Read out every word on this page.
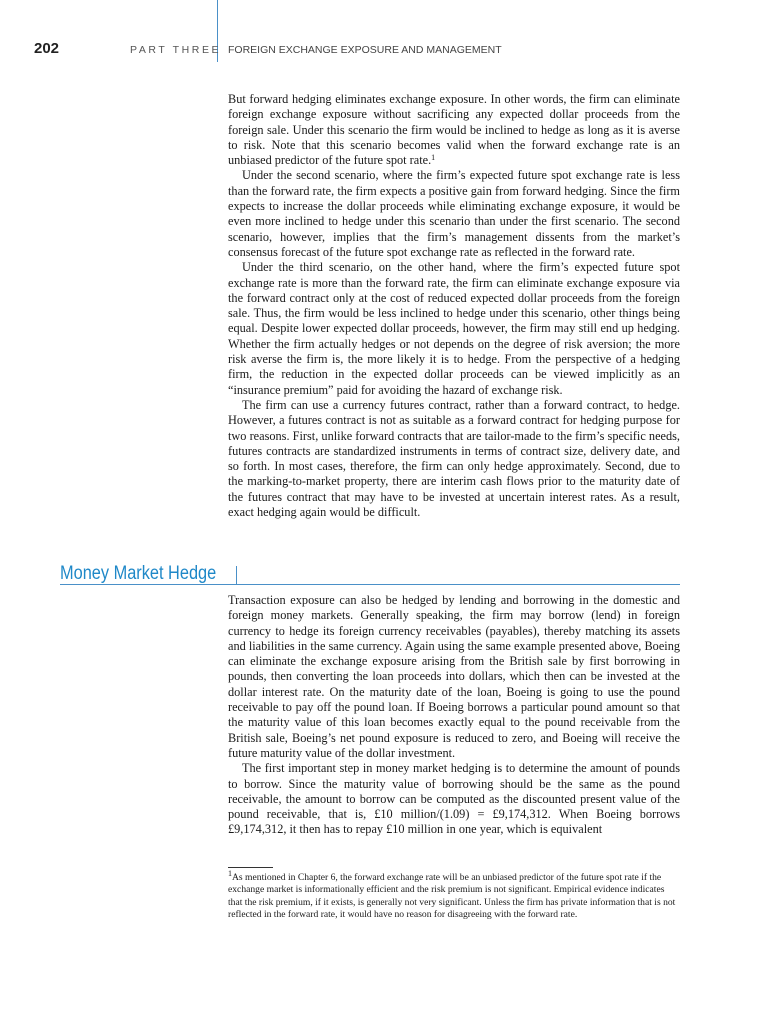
202	PART THREE FOREIGN EXCHANGE EXPOSURE AND MANAGEMENT

But forward hedging eliminates exchange exposure. In other words, the firm can eliminate foreign exchange exposure without sacrificing any expected dollar proceeds from the foreign sale. Under this scenario the firm would be inclined to hedge as long as it is averse to risk. Note that this scenario becomes valid when the forward exchange rate is an unbiased predictor of the future spot rate.$^1$

Under the second scenario, where the firm’s expected future spot exchange rate is less than the forward rate, the firm expects a positive gain from forward hedging. Since the firm expects to increase the dollar proceeds while eliminating exchange exposure, it would be even more inclined to hedge under this scenario than under the first scenario. The second scenario, however, implies that the firm’s management dissents from the market’s consensus forecast of the future spot exchange rate as reflected in the forward rate.

Under the third scenario, on the other hand, where the firm’s expected future spot exchange rate is more than the forward rate, the firm can eliminate exchange exposure via the forward contract only at the cost of reduced expected dollar proceeds from the foreign sale. Thus, the firm would be less inclined to hedge under this scenario, other things being equal. Despite lower expected dollar proceeds, however, the firm may still end up hedging. Whether the firm actually hedges or not depends on the degree of risk aversion; the more risk averse the firm is, the more likely it is to hedge. From the perspective of a hedging firm, the reduction in the expected dollar proceeds can be viewed implicitly as an “insurance premium” paid for avoiding the hazard of exchange risk.

The firm can use a currency futures contract, rather than a forward contract, to hedge. However, a futures contract is not as suitable as a forward contract for hedging purpose for two reasons. First, unlike forward contracts that are tailor-made to the firm’s specific needs, futures contracts are standardized instruments in terms of contract size, delivery date, and so forth. In most cases, therefore, the firm can only hedge approximately. Second, due to the marking-to-market property, there are interim cash flows prior to the maturity date of the futures contract that may have to be invested at uncertain interest rates. As a result, exact hedging again would be difficult.

Money Market Hedge

Transaction exposure can also be hedged by lending and borrowing in the domestic and foreign money markets. Generally speaking, the firm may borrow (lend) in foreign currency to hedge its foreign currency receivables (payables), thereby matching its assets and liabilities in the same currency. Again using the same example presented above, Boeing can eliminate the exchange exposure arising from the British sale by first borrowing in pounds, then converting the loan proceeds into dollars, which then can be invested at the dollar interest rate. On the maturity date of the loan, Boeing is going to use the pound receivable to pay off the pound loan. If Boeing borrows a particular pound amount so that the maturity value of this loan becomes exactly equal to the pound receivable from the British sale, Boeing’s net pound exposure is reduced to zero, and Boeing will receive the future maturity value of the dollar investment.

The first important step in money market hedging is to determine the amount of pounds to borrow. Since the maturity value of borrowing should be the same as the pound receivable, the amount to borrow can be computed as the discounted present value of the pound receivable, that is, £10 million/(1.09) = £9,174,312. When Boeing borrows £9,174,312, it then has to repay £10 million in one year, which is equivalent

$^1$As mentioned in Chapter 6, the forward exchange rate will be an unbiased predictor of the future spot rate if the exchange market is informationally efficient and the risk premium is not significant. Empirical evidence indicates that the risk premium, if it exists, is generally not very significant. Unless the firm has private information that is not reflected in the forward rate, it would have no reason for disagreeing with the forward rate.
